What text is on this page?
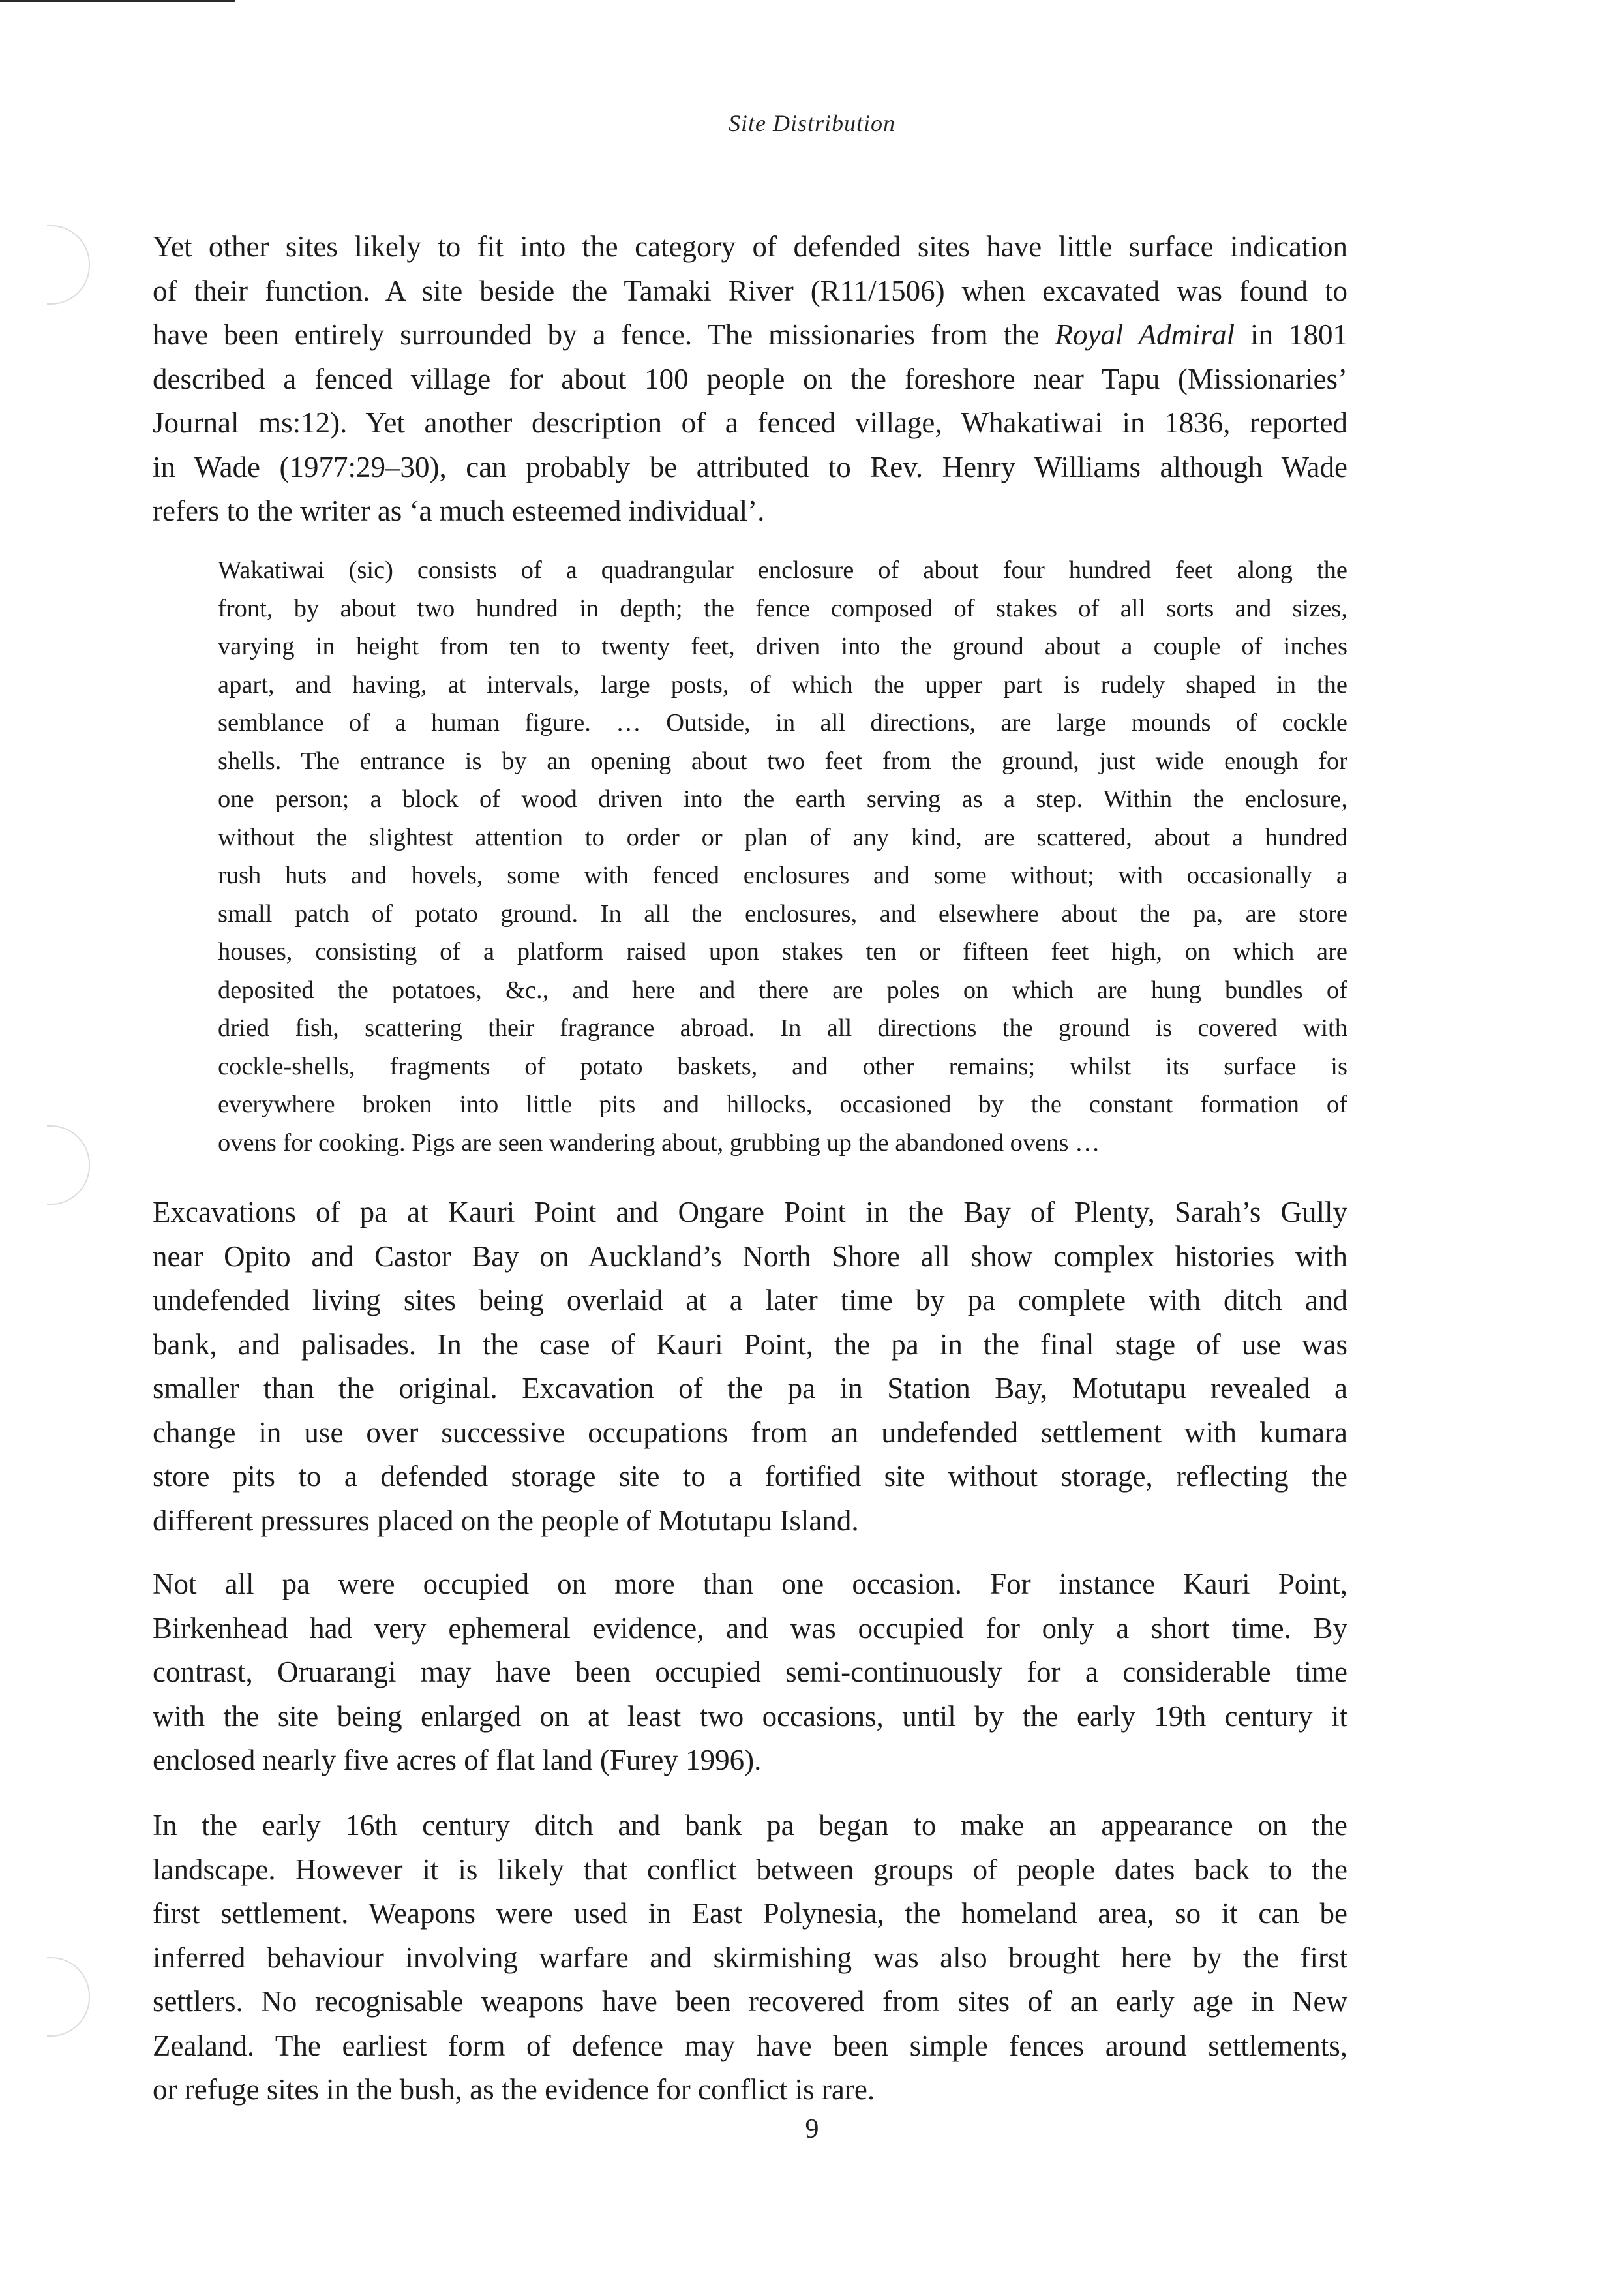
Site Distribution
Yet other sites likely to fit into the category of defended sites have little surface indication
of their function. A site beside the Tamaki River (R11/1506) when excavated was found to
have been entirely surrounded by a fence. The missionaries from the Royal Admiral in 1801
described a fenced village for about 100 people on the foreshore near Tapu (Missionaries’
Journal ms:12). Yet another description of a fenced village, Whakatiwai in 1836, reported
in Wade (1977:29–30), can probably be attributed to Rev. Henry Williams although Wade
refers to the writer as ‘a much esteemed individual’.
Wakatiwai (sic) consists of a quadrangular enclosure of about four hundred feet along the
front, by about two hundred in depth; the fence composed of stakes of all sorts and sizes,
varying in height from ten to twenty feet, driven into the ground about a couple of inches
apart, and having, at intervals, large posts, of which the upper part is rudely shaped in the
semblance of a human figure. … Outside, in all directions, are large mounds of cockle
shells. The entrance is by an opening about two feet from the ground, just wide enough for
one person; a block of wood driven into the earth serving as a step. Within the enclosure,
without the slightest attention to order or plan of any kind, are scattered, about a hundred
rush huts and hovels, some with fenced enclosures and some without; with occasionally a
small patch of potato ground. In all the enclosures, and elsewhere about the pa, are store
houses, consisting of a platform raised upon stakes ten or fifteen feet high, on which are
deposited the potatoes, &c., and here and there are poles on which are hung bundles of
dried fish, scattering their fragrance abroad. In all directions the ground is covered with
cockle-shells, fragments of potato baskets, and other remains; whilst its surface is
everywhere broken into little pits and hillocks, occasioned by the constant formation of
ovens for cooking. Pigs are seen wandering about, grubbing up the abandoned ovens …
Excavations of pa at Kauri Point and Ongare Point in the Bay of Plenty, Sarah’s Gully
near Opito and Castor Bay on Auckland’s North Shore all show complex histories with
undefended living sites being overlaid at a later time by pa complete with ditch and
bank, and palisades. In the case of Kauri Point, the pa in the final stage of use was
smaller than the original. Excavation of the pa in Station Bay, Motutapu revealed a
change in use over successive occupations from an undefended settlement with kumara
store pits to a defended storage site to a fortified site without storage, reflecting the
different pressures placed on the people of Motutapu Island.
Not all pa were occupied on more than one occasion. For instance Kauri Point,
Birkenhead had very ephemeral evidence, and was occupied for only a short time. By
contrast, Oruarangi may have been occupied semi-continuously for a considerable time
with the site being enlarged on at least two occasions, until by the early 19th century it
enclosed nearly five acres of flat land (Furey 1996).
In the early 16th century ditch and bank pa began to make an appearance on the
landscape. However it is likely that conflict between groups of people dates back to the
first settlement. Weapons were used in East Polynesia, the homeland area, so it can be
inferred behaviour involving warfare and skirmishing was also brought here by the first
settlers. No recognisable weapons have been recovered from sites of an early age in New
Zealand. The earliest form of defence may have been simple fences around settlements,
or refuge sites in the bush, as the evidence for conflict is rare.
9
